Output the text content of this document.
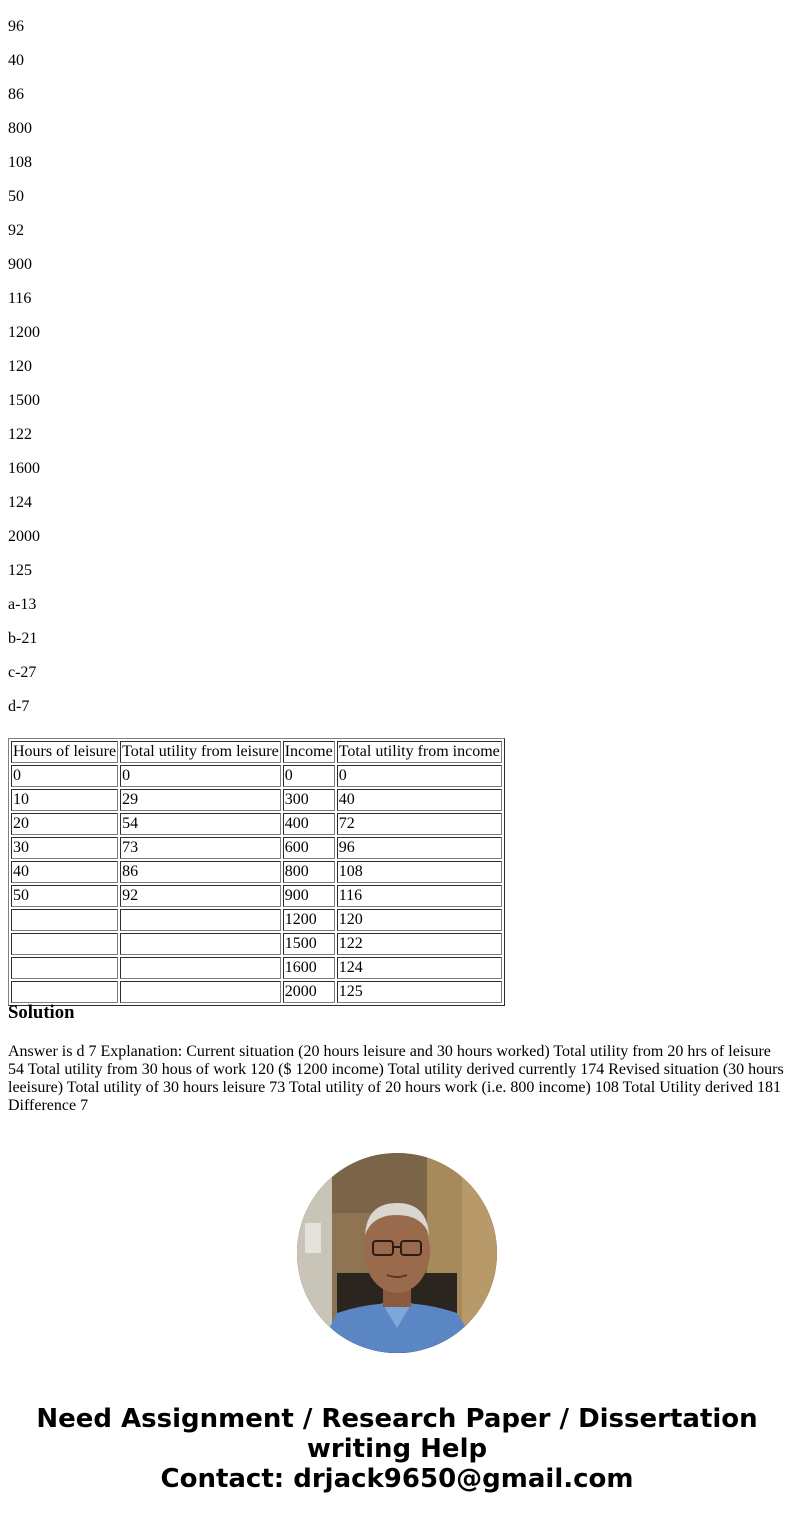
96

40

86

800

108

50

92

900

116

1200

120

1500

122

1600

124

2000

125

a-13

b-21

c-27

d-7

Hours of leisure	Total utility from leisure	Income	Total utility from income
0	0	0	0
10	29	300	40
20	54	400	72
30	73	600	96
40	86	800	108
50	92	900	116
		1200	120
		1500	122
		1600	124
		2000	125
Solution

Answer is d 7 Explanation: Current situation (20 hours leisure and 30 hours worked) Total utility from 20 hrs of leisure 54 Total utility from 30 hous of work 120 ($ 1200 income) Total utility derived currently 174 Revised situation (30 hours leeisure) Total utility of 30 hours leisure 73 Total utility of 20 hours work (i.e. 800 income) 108 Total Utility derived 181 Difference 7

Need Assignment / Research Paper / Dissertation
writing Help
Contact: drjack9650@gmail.com
